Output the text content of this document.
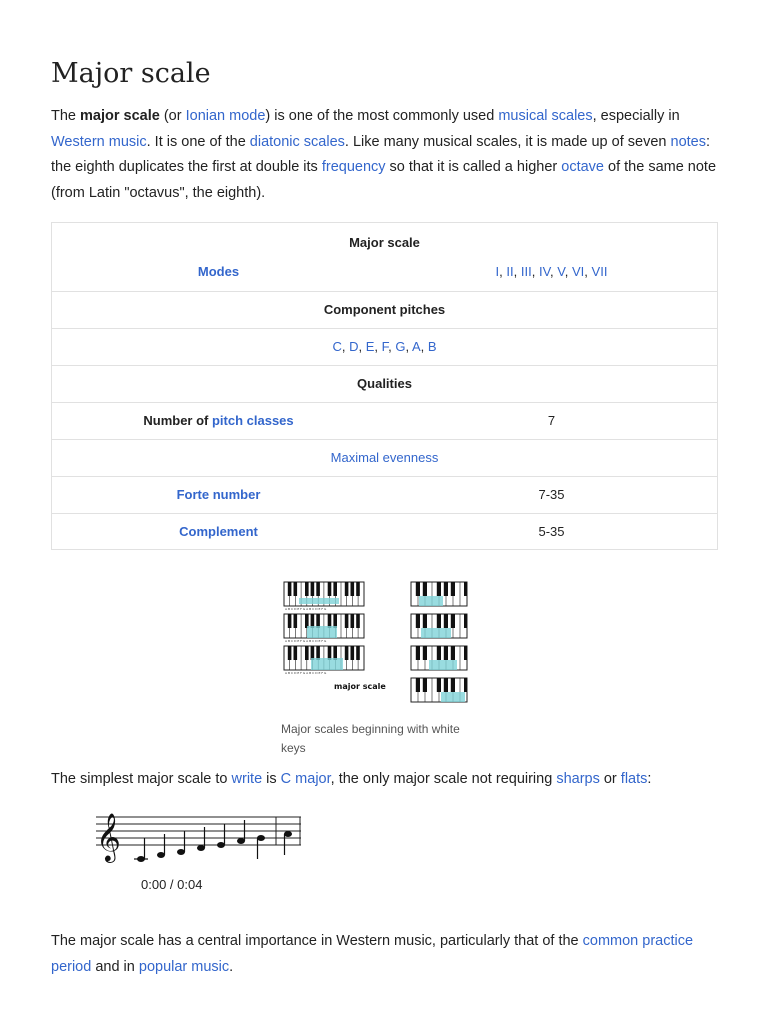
Major scale

The major scale (or Ionian mode) is one of the most commonly used musical scales, especially in Western music. It is one of the diatonic scales. Like many musical scales, it is made up of seven notes: the eighth duplicates the first at double its frequency so that it is called a higher octave of the same note (from Latin "octavus", the eighth).

Major scale
Modes	I, II, III, IV, V, VI, VII
Component pitches
C, D, E, F, G, A, B
Qualities
Number of pitch classes	7
Maximal evenness
Forte number	7-35
Complement	5-35
A B C D E F G A B C D E F G
A B C D E F G A B C D E F G
A B C D E F G A B C D E F G
major scale
Major scales beginning with white keys

The simplest major scale to write is C major, the only major scale not requiring sharps or flats:

𝄞
0:00 / 0:04

The major scale has a central importance in Western music, particularly that of the common practice period and in popular music.
